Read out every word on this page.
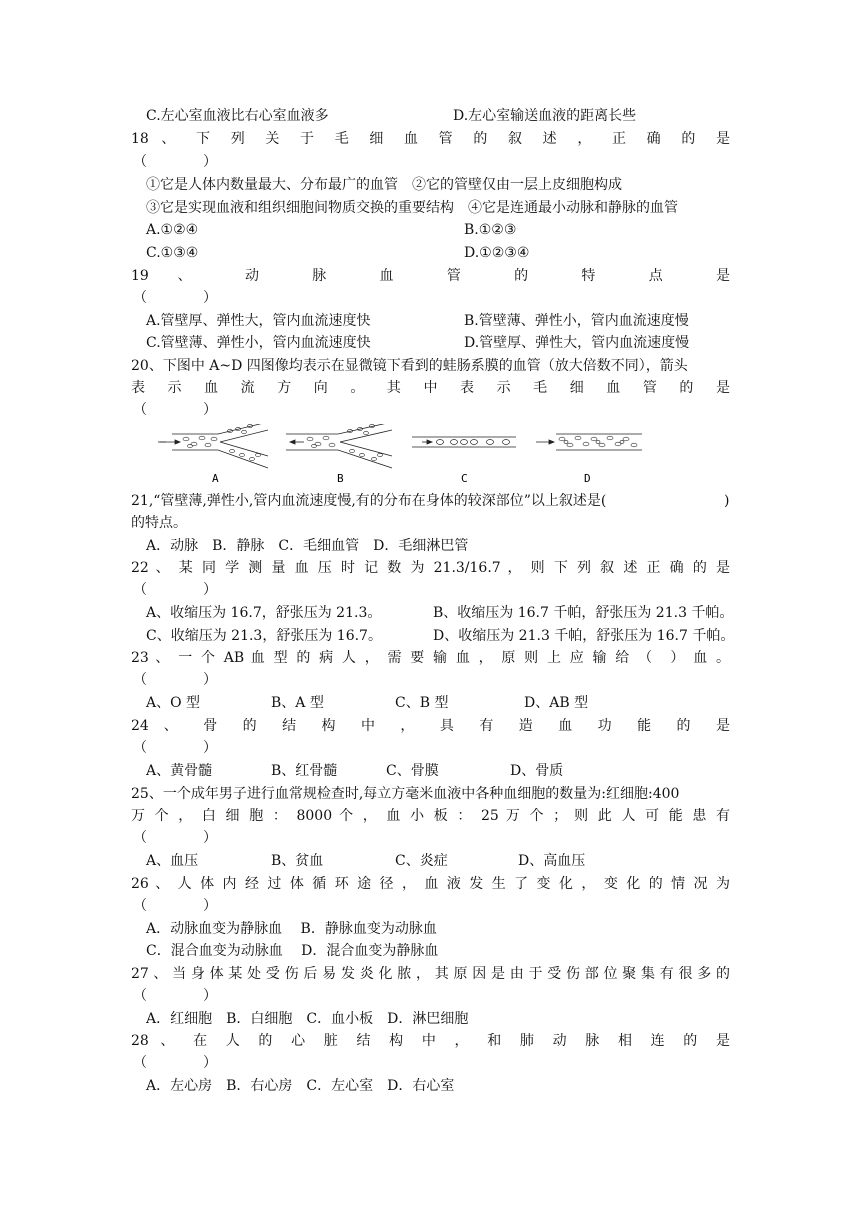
C.左心室血液比右心室血液多	D.左心室输送血液的距离长些
18 、 下 列 关 于 毛 细 血 管 的 叙 述 ， 正 确 的 是
（　　　　）
①它是人体内数量最大、分布最广的血管　②它的管壁仅由一层上皮细胞构成
③它是实现血液和组织细胞间物质交换的重要结构　④它是连通最小动脉和静脉的血管
A.①②④	B.①②③
C.①③④	D.①②③④
19 、 动 脉 血 管 的 特 点 是
（　　　　）
A.管壁厚、弹性大，管内血流速度快	B.管壁薄、弹性小，管内血流速度慢
C.管壁薄、弹性小，管内血流速度快	D.管壁厚、弹性大，管内血流速度慢
20、下图中 A~D 四图像均表示在显微镜下看到的蛙肠系膜的血管（放大倍数不同），箭头
表 示 血 流 方 向 。 其 中 表 示 毛 细 血 管 的 是
（　　　　）
A	B	C	D
21,“管壁薄,弹性小,管内血流速度慢,有的分布在身体的较深部位”以上叙述是(	)
的特点。
A．动脉　B．静脉　C．毛细血管　D．毛细淋巴管
22 、 某 同 学 测 量 血 压 时 记 数 为 21.3/16.7 ， 则 下 列 叙 述 正 确 的 是
（　　　　）
A、收缩压为 16.7，舒张压为 21.3。	B、收缩压为 16.7 千帕，舒张压为 21.3 千帕。
C、收缩压为 21.3，舒张压为 16.7。	D、收缩压为 21.3 千帕，舒张压为 16.7 千帕。
23 、 一 个 AB 血 型 的 病 人 ， 需 要 输 血 ， 原 则 上 应 输 给 （　） 血 。
（　　　　）
A、O 型	B、A 型	C、B 型	D、AB 型
24 、 骨 的 结 构 中 ， 具 有 造 血 功 能 的 是
（　　　　）
A、黄骨髓	B、红骨髓	C、骨膜	D、骨质
25、一个成年男子进行血常规检查时,每立方毫米血液中各种血细胞的数量为:红细胞:400
万 个 ， 白 细 胞 ： 8000 个 ， 血 小 板 ： 25 万 个 ； 则 此 人 可 能 患 有
（　　　　）
A、血压	B、贫血	C、炎症	D、高血压
26 、 人 体 内 经 过 体 循 环 途 径 ， 血 液 发 生 了 变 化 ， 变 化 的 情 况 为
（　　　　）
A．动脉血变为静脉血　 B．静脉血变为动脉血
C．混合血变为动脉血　 D．混合血变为静脉血
27 、 当 身 体 某 处 受 伤 后 易 发 炎 化 脓 ， 其 原 因 是 由 于 受 伤 部 位 聚 集 有 很 多 的
（　　　　）
A．红细胞　B．白细胞　C．血小板　D．淋巴细胞
28 、 在 人 的 心 脏 结 构 中 ， 和 肺 动 脉 相 连 的 是
（　　　　）
A．左心房　B．右心房　C．左心室　D．右心室
